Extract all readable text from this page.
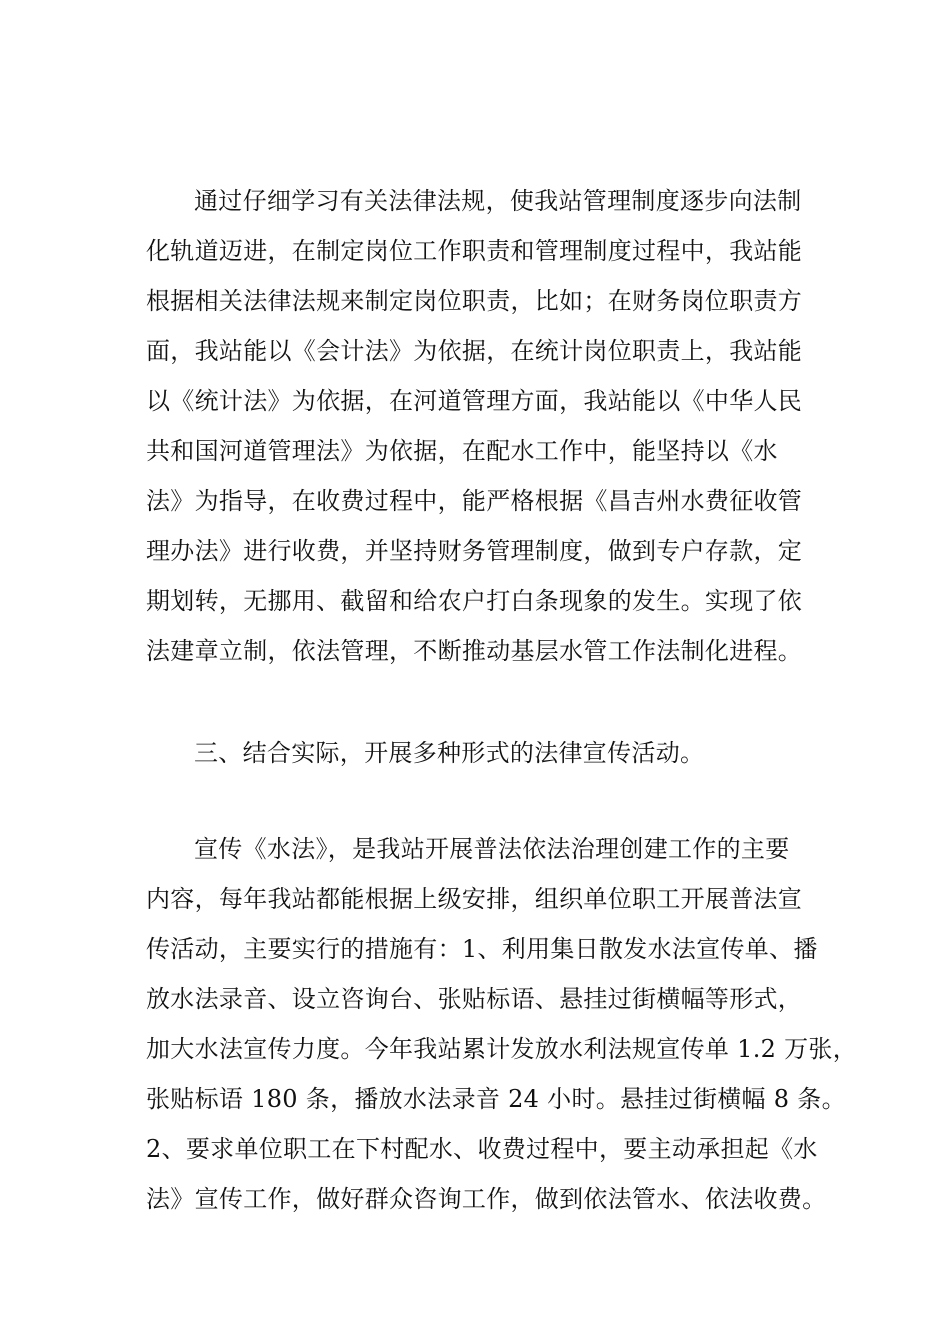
通过仔细学习有关法律法规，使我站管理制度逐步向法制
化轨道迈进，在制定岗位工作职责和管理制度过程中，我站能
根据相关法律法规来制定岗位职责，比如；在财务岗位职责方
面，我站能以《会计法》为依据，在统计岗位职责上，我站能
以《统计法》为依据，在河道管理方面，我站能以《中华人民
共和国河道管理法》为依据，在配水工作中，能坚持以《水
法》为指导，在收费过程中，能严格根据《昌吉州水费征收管
理办法》进行收费，并坚持财务管理制度，做到专户存款，定
期划转，无挪用、截留和给农户打白条现象的发生。实现了依
法建章立制，依法管理，不断推动基层水管工作法制化进程。
三、结合实际，开展多种形式的法律宣传活动。
宣传《水法》，是我站开展普法依法治理创建工作的主要
内容，每年我站都能根据上级安排，组织单位职工开展普法宣
传活动，主要实行的措施有：1、利用集日散发水法宣传单、播
放水法录音、设立咨询台、张贴标语、悬挂过街横幅等形式，
加大水法宣传力度。今年我站累计发放水利法规宣传单 1.2 万张，
张贴标语 180 条，播放水法录音 24 小时。悬挂过街横幅 8 条。
2、要求单位职工在下村配水、收费过程中，要主动承担起《水
法》宣传工作，做好群众咨询工作，做到依法管水、依法收费。
